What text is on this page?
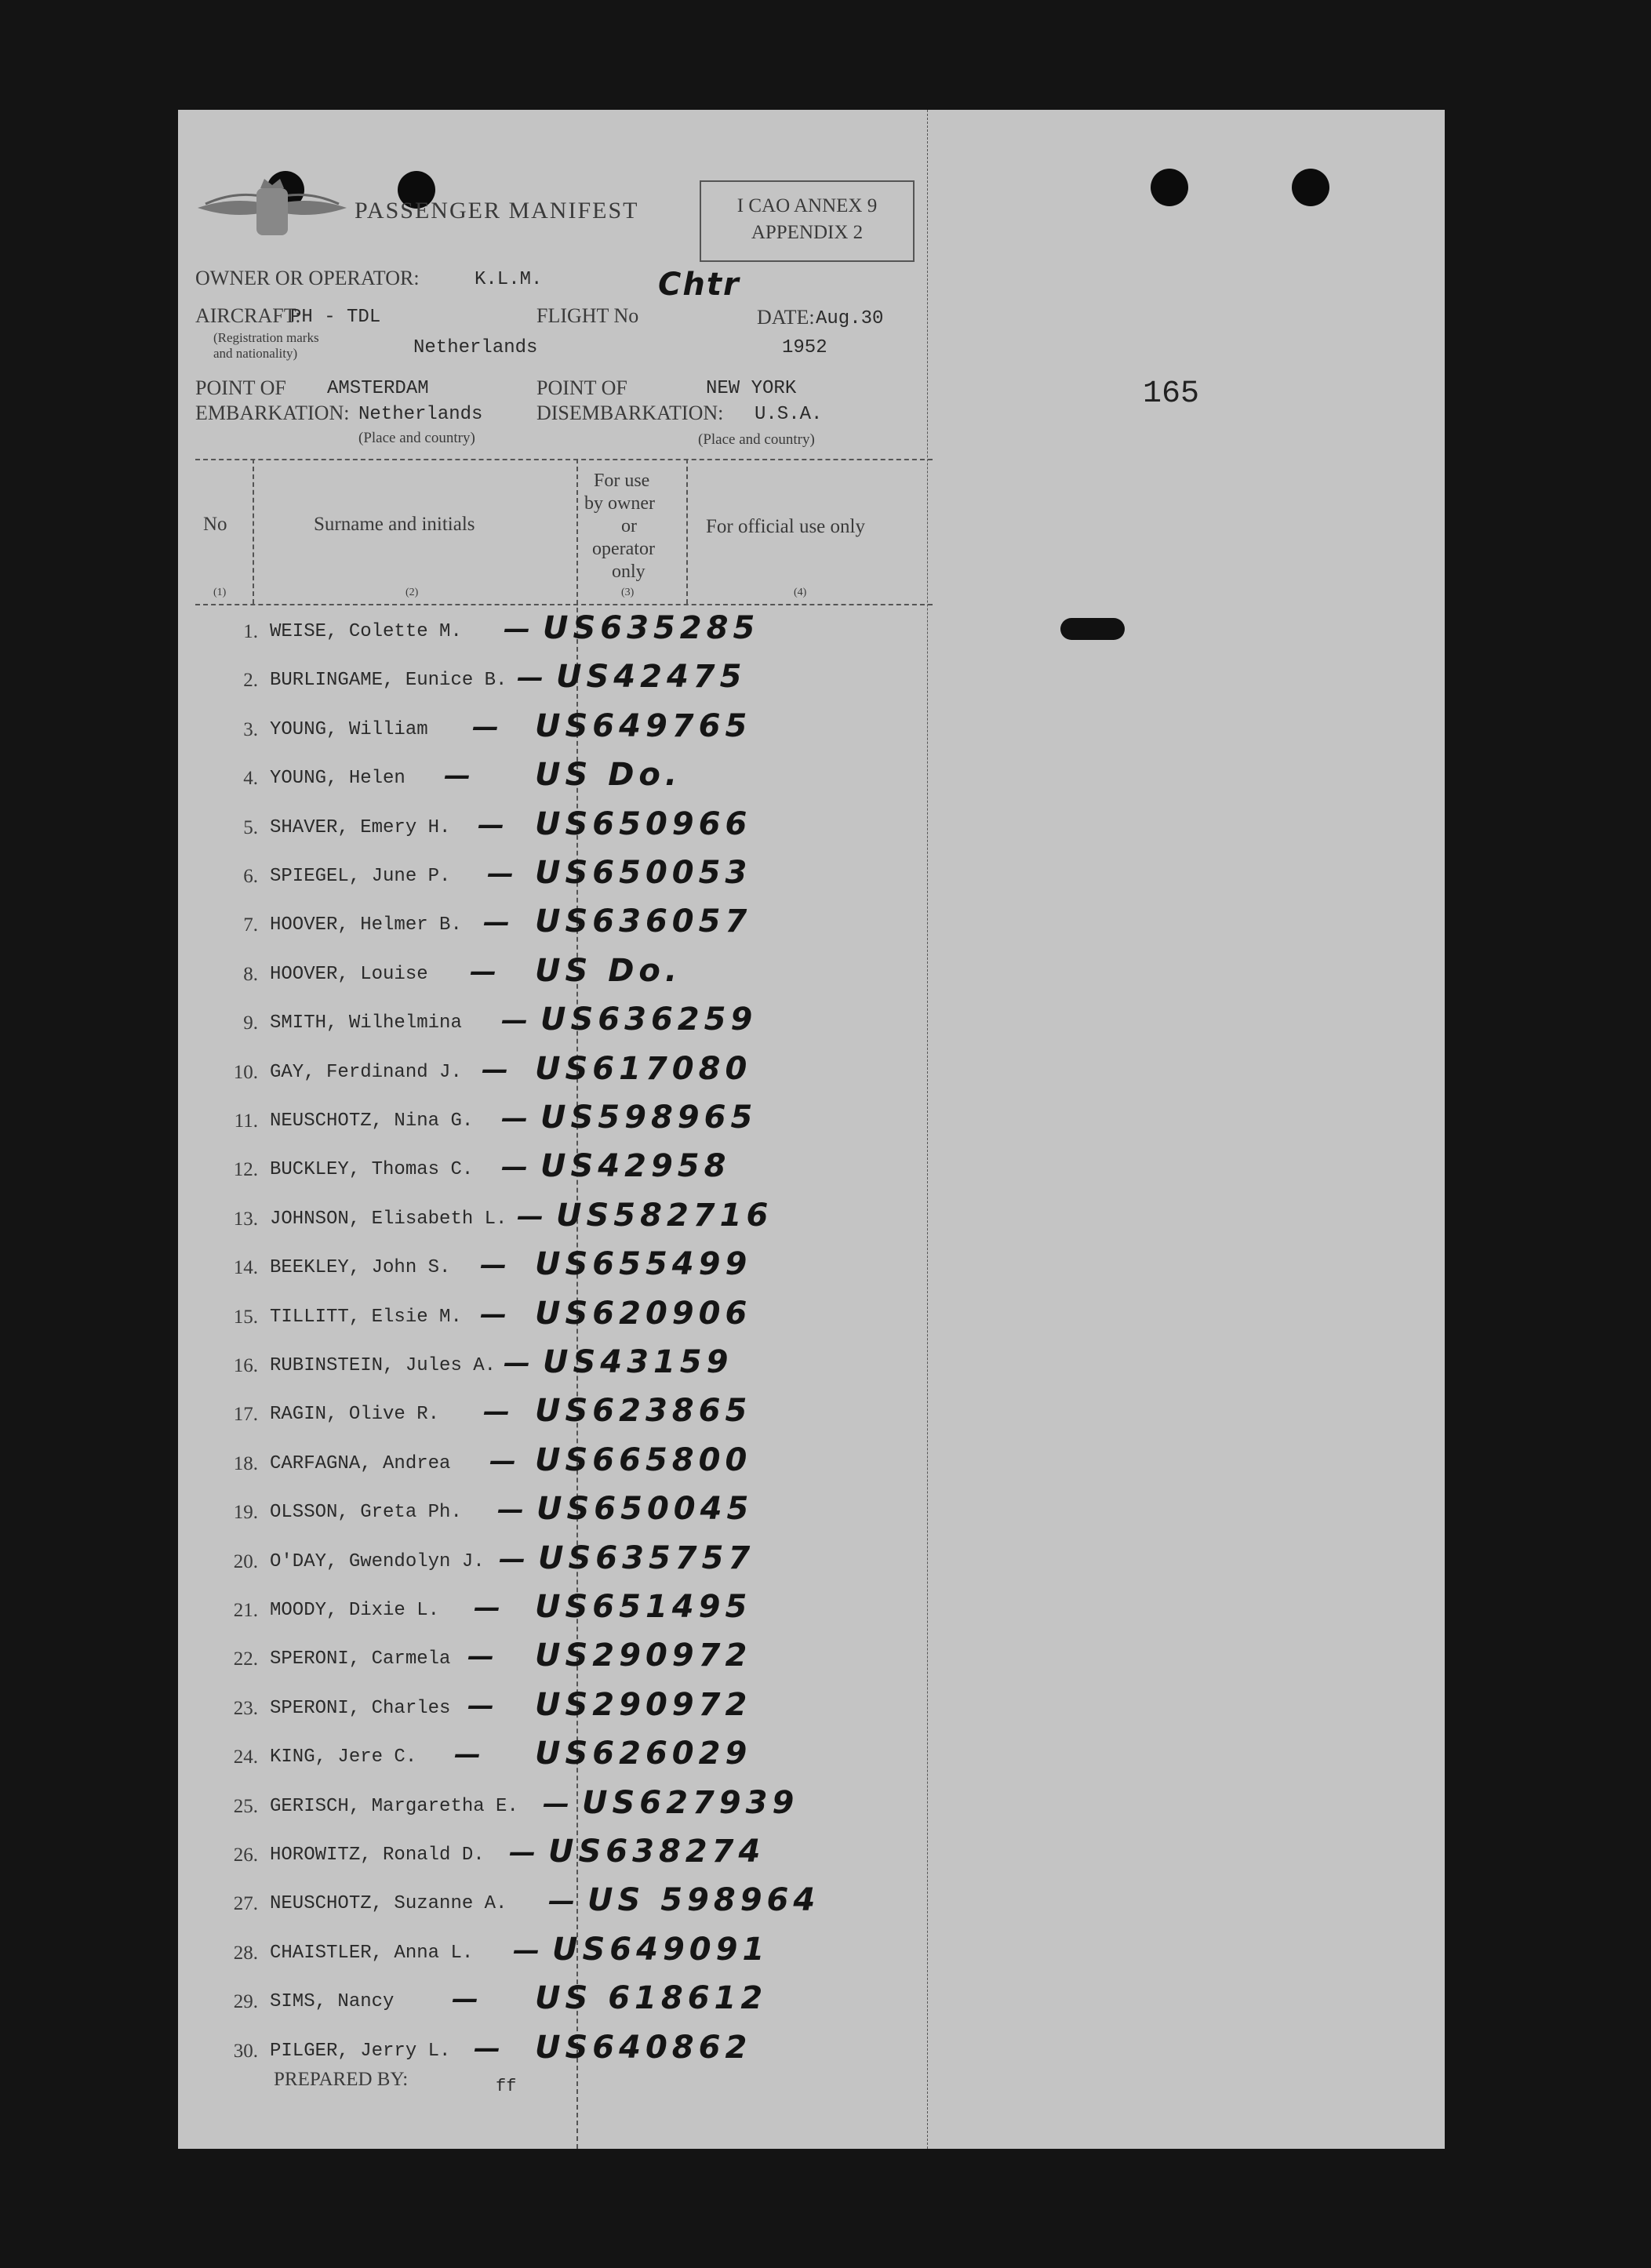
PASSENGER MANIFEST	I CAO ANNEX 9
APPENDIX 2
OWNER OR OPERATOR:	K.L.M.
AIRCRAFT:
PH - TDL
(Registration marks
and nationality)	Netherlands
FLIGHT No
Chtr
DATE: Aug.30
1952
POINT OF
EMBARKATION:
AMSTERDAM
Netherlands
(Place and country)
POINT OF
DISEMBARKATION:
NEW YORK
U.S.A.
(Place and country)
165
No	Surname and initials
For use
by owner
or
operator
only
For official use only
(1)	(2)	(3)	(4)
1. WEISE, Colette M. — US635285
2. BURLINGAME, Eunice B. — US42475
3. YOUNG, William — US649765
4. YOUNG, Helen — US Do.
5. SHAVER, Emery H. — US650966
6. SPIEGEL, June P. — US650053
7. HOOVER, Helmer B. — US636057
8. HOOVER, Louise — US Do.
9. SMITH, Wilhelmina — US636259
10. GAY, Ferdinand J. — US617080
11. NEUSCHOTZ, Nina G. — US598965
12. BUCKLEY, Thomas C. — US42958
13. JOHNSON, Elisabeth L. — US582716
14. BEEKLEY, John S. — US655499
15. TILLITT, Elsie M. — US620906
16. RUBINSTEIN, Jules A. — US43159
17. RAGIN, Olive R. — US623865
18. CARFAGNA, Andrea — US665800
19. OLSSON, Greta Ph. — US650045
20. O'DAY, Gwendolyn J. — US635757
21. MOODY, Dixie L. — US651495
22. SPERONI, Carmela — US290972
23. SPERONI, Charles — US290972
24. KING, Jere C. — US626029
25. GERISCH, Margaretha E. — US627939
26. HOROWITZ, Ronald D. — US638274
27. NEUSCHOTZ, Suzanne A. — US 598964
28. CHAISTLER, Anna L. — US649091
29. SIMS, Nancy — US 618612
30. PILGER, Jerry L. — US640862
PREPARED BY:	ff
